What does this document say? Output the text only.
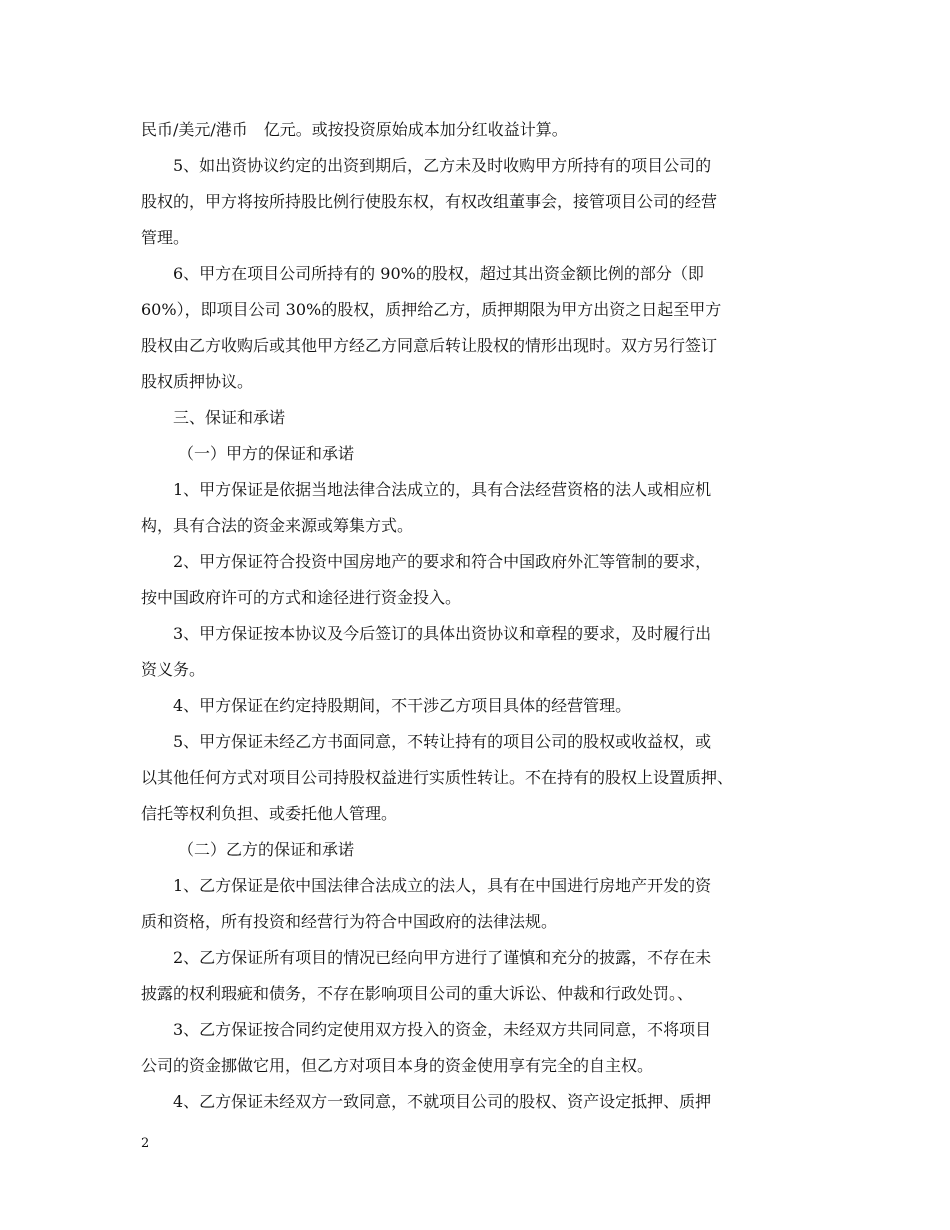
民币/美元/港币　亿元。或按投资原始成本加分红收益计算。
5、如出资协议约定的出资到期后，乙方未及时收购甲方所持有的项目公司的
股权的，甲方将按所持股比例行使股东权，有权改组董事会，接管项目公司的经营
管理。
6、甲方在项目公司所持有的 90%的股权，超过其出资金额比例的部分（即
60%），即项目公司 30%的股权，质押给乙方，质押期限为甲方出资之日起至甲方
股权由乙方收购后或其他甲方经乙方同意后转让股权的情形出现时。双方另行签订
股权质押协议。
三、保证和承诺
（一）甲方的保证和承诺
1、甲方保证是依据当地法律合法成立的，具有合法经营资格的法人或相应机
构，具有合法的资金来源或筹集方式。
2、甲方保证符合投资中国房地产的要求和符合中国政府外汇等管制的要求，
按中国政府许可的方式和途径进行资金投入。
3、甲方保证按本协议及今后签订的具体出资协议和章程的要求，及时履行出
资义务。
4、甲方保证在约定持股期间，不干涉乙方项目具体的经营管理。
5、甲方保证未经乙方书面同意，不转让持有的项目公司的股权或收益权，或
以其他任何方式对项目公司持股权益进行实质性转让。不在持有的股权上设置质押、
信托等权利负担、或委托他人管理。
（二）乙方的保证和承诺
1、乙方保证是依中国法律合法成立的法人，具有在中国进行房地产开发的资
质和资格，所有投资和经营行为符合中国政府的法律法规。
2、乙方保证所有项目的情况已经向甲方进行了谨慎和充分的披露，不存在未
披露的权利瑕疵和债务，不存在影响项目公司的重大诉讼、仲裁和行政处罚。、
3、乙方保证按合同约定使用双方投入的资金，未经双方共同同意，不将项目
公司的资金挪做它用，但乙方对项目本身的资金使用享有完全的自主权。
4、乙方保证未经双方一致同意，不就项目公司的股权、资产设定抵押、质押
2
